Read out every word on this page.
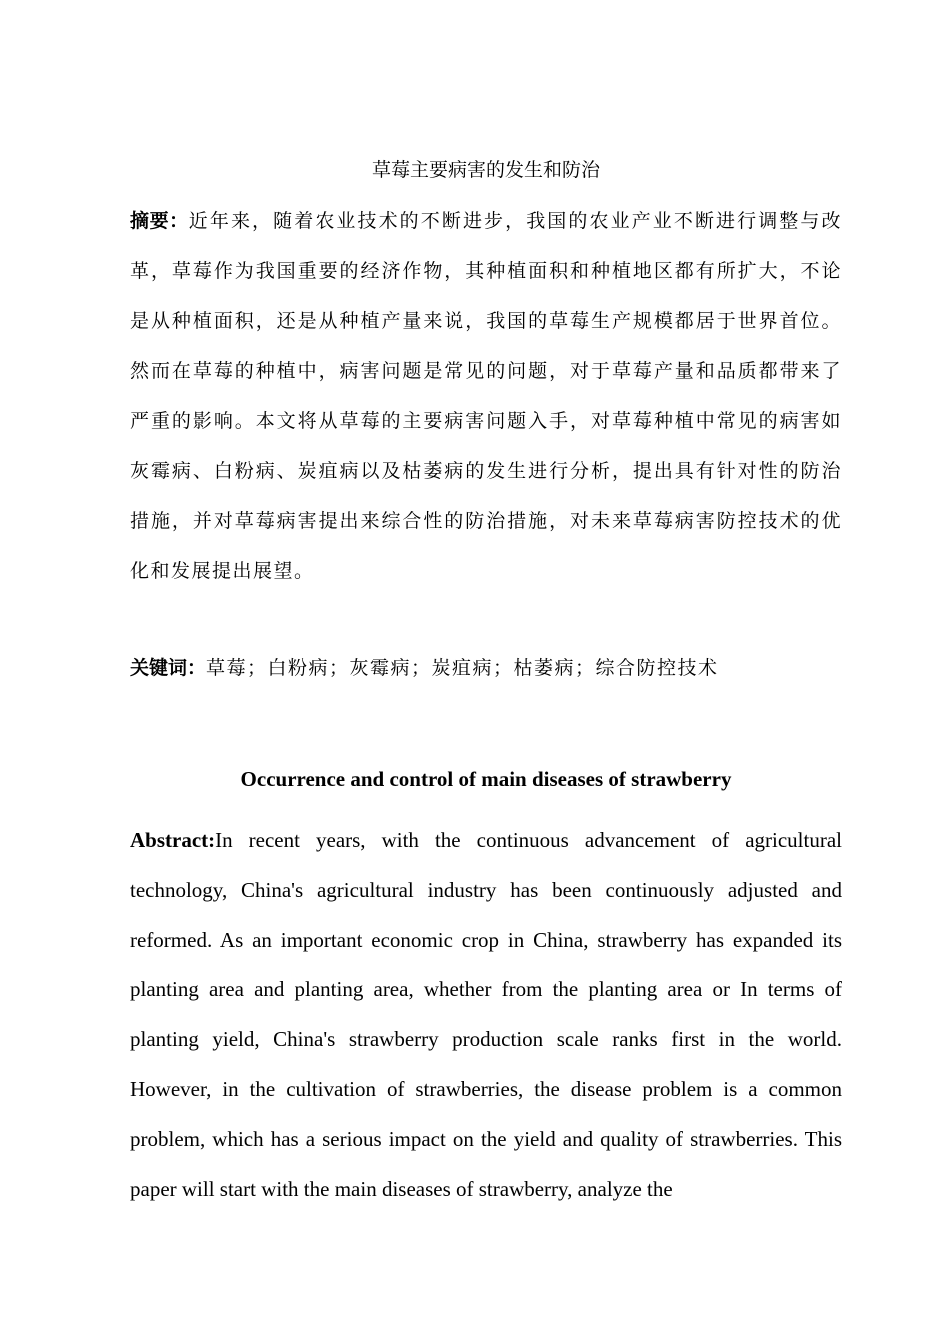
草莓主要病害的发生和防治

摘要：近年来，随着农业技术的不断进步，我国的农业产业不断进行调整与改革，草莓作为我国重要的经济作物，其种植面积和种植地区都有所扩大，不论是从种植面积，还是从种植产量来说，我国的草莓生产规模都居于世界首位。然而在草莓的种植中，病害问题是常见的问题，对于草莓产量和品质都带来了严重的影响。本文将从草莓的主要病害问题入手，对草莓种植中常见的病害如灰霉病、白粉病、炭疽病以及枯萎病的发生进行分析，提出具有针对性的防治措施，并对草莓病害提出来综合性的防治措施，对未来草莓病害防控技术的优化和发展提出展望。

关键词：草莓；白粉病；灰霉病；炭疽病；枯萎病；综合防控技术

Occurrence and control of main diseases of strawberry

Abstract:In recent years, with the continuous advancement of agricultural technology, China's agricultural industry has been continuously adjusted and reformed. As an important economic crop in China, strawberry has expanded its planting area and planting area, whether from the planting area or In terms of planting yield, China's strawberry production scale ranks first in the world. However, in the cultivation of strawberries, the disease problem is a common problem, which has a serious impact on the yield and quality of strawberries. This paper will start with the main diseases of strawberry, analyze the
